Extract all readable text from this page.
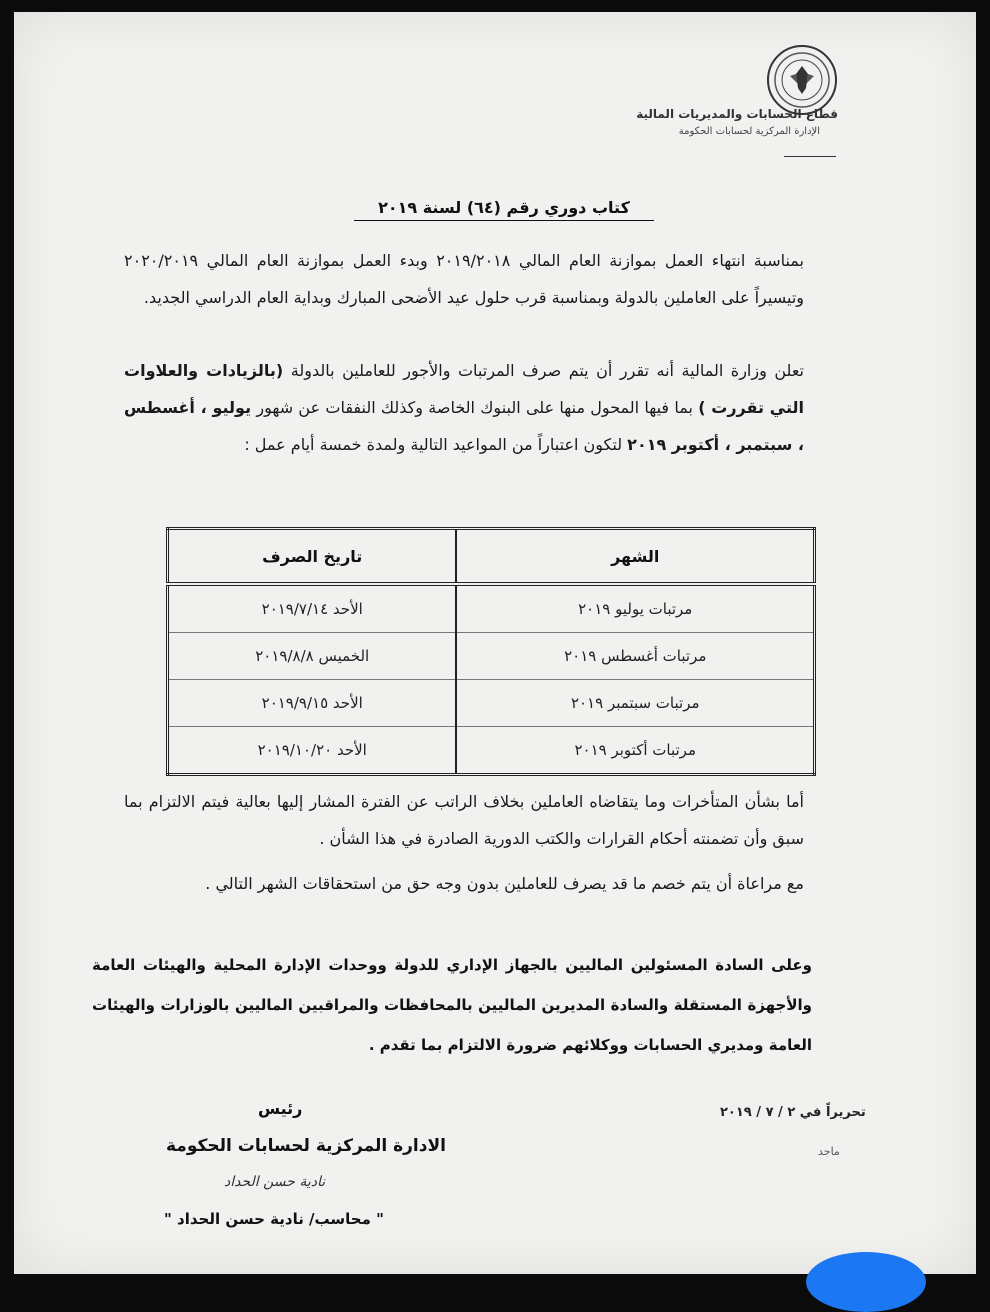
قطاع الحسابات والمديريات المالية
الإدارة المركزية لحسابات الحكومة
كتاب دوري رقم (٦٤) لسنة ٢٠١٩
بمناسبة انتهاء العمل بموازنة العام المالي ٢٠١٩/٢٠١٨ وبدء العمل بموازنة العام المالي ٢٠٢٠/٢٠١٩ وتيسيراً على العاملين بالدولة وبمناسبة قرب حلول عيد الأضحى المبارك وبداية العام الدراسي الجديد.
تعلن وزارة المالية أنه تقرر أن يتم صرف المرتبات والأجور للعاملين بالدولة (بالزيادات والعلاوات التي تقررت ) بما فيها المحول منها على البنوك الخاصة وكذلك النفقات عن شهور يوليو ، أغسطس ، سبتمبر ، أكتوبر ٢٠١٩ لتكون اعتباراً من المواعيد التالية ولمدة خمسة أيام عمل :
الشهر	تاريخ الصرف
مرتبات يوليو ٢٠١٩	الأحد ٢٠١٩/٧/١٤
مرتبات أغسطس ٢٠١٩	الخميس ٢٠١٩/٨/٨
مرتبات سبتمبر ٢٠١٩	الأحد ٢٠١٩/٩/١٥
مرتبات أكتوبر ٢٠١٩	الأحد ٢٠١٩/١٠/٢٠
أما بشأن المتأخرات وما يتقاضاه العاملين بخلاف الراتب عن الفترة المشار إليها بعالية فيتم الالتزام بما سبق وأن تضمنته أحكام القرارات والكتب الدورية الصادرة في هذا الشأن .
مع مراعاة أن يتم خصم ما قد يصرف للعاملين بدون وجه حق من استحقاقات الشهر التالي .
وعلى السادة المسئولين الماليين بالجهاز الإداري للدولة ووحدات الإدارة المحلية والهيئات العامة والأجهزة المستقلة والسادة المديرين الماليين بالمحافظات والمراقبين الماليين بالوزارات والهيئات العامة ومديري الحسابات ووكلائهم ضرورة الالتزام بما تقدم .
رئيس
الادارة المركزية لحسابات الحكومة
نادية حسن الحداد
" محاسب/ نادية حسن الحداد "
تحريراً في ٢ / ٧ / ٢٠١٩
ماجد
